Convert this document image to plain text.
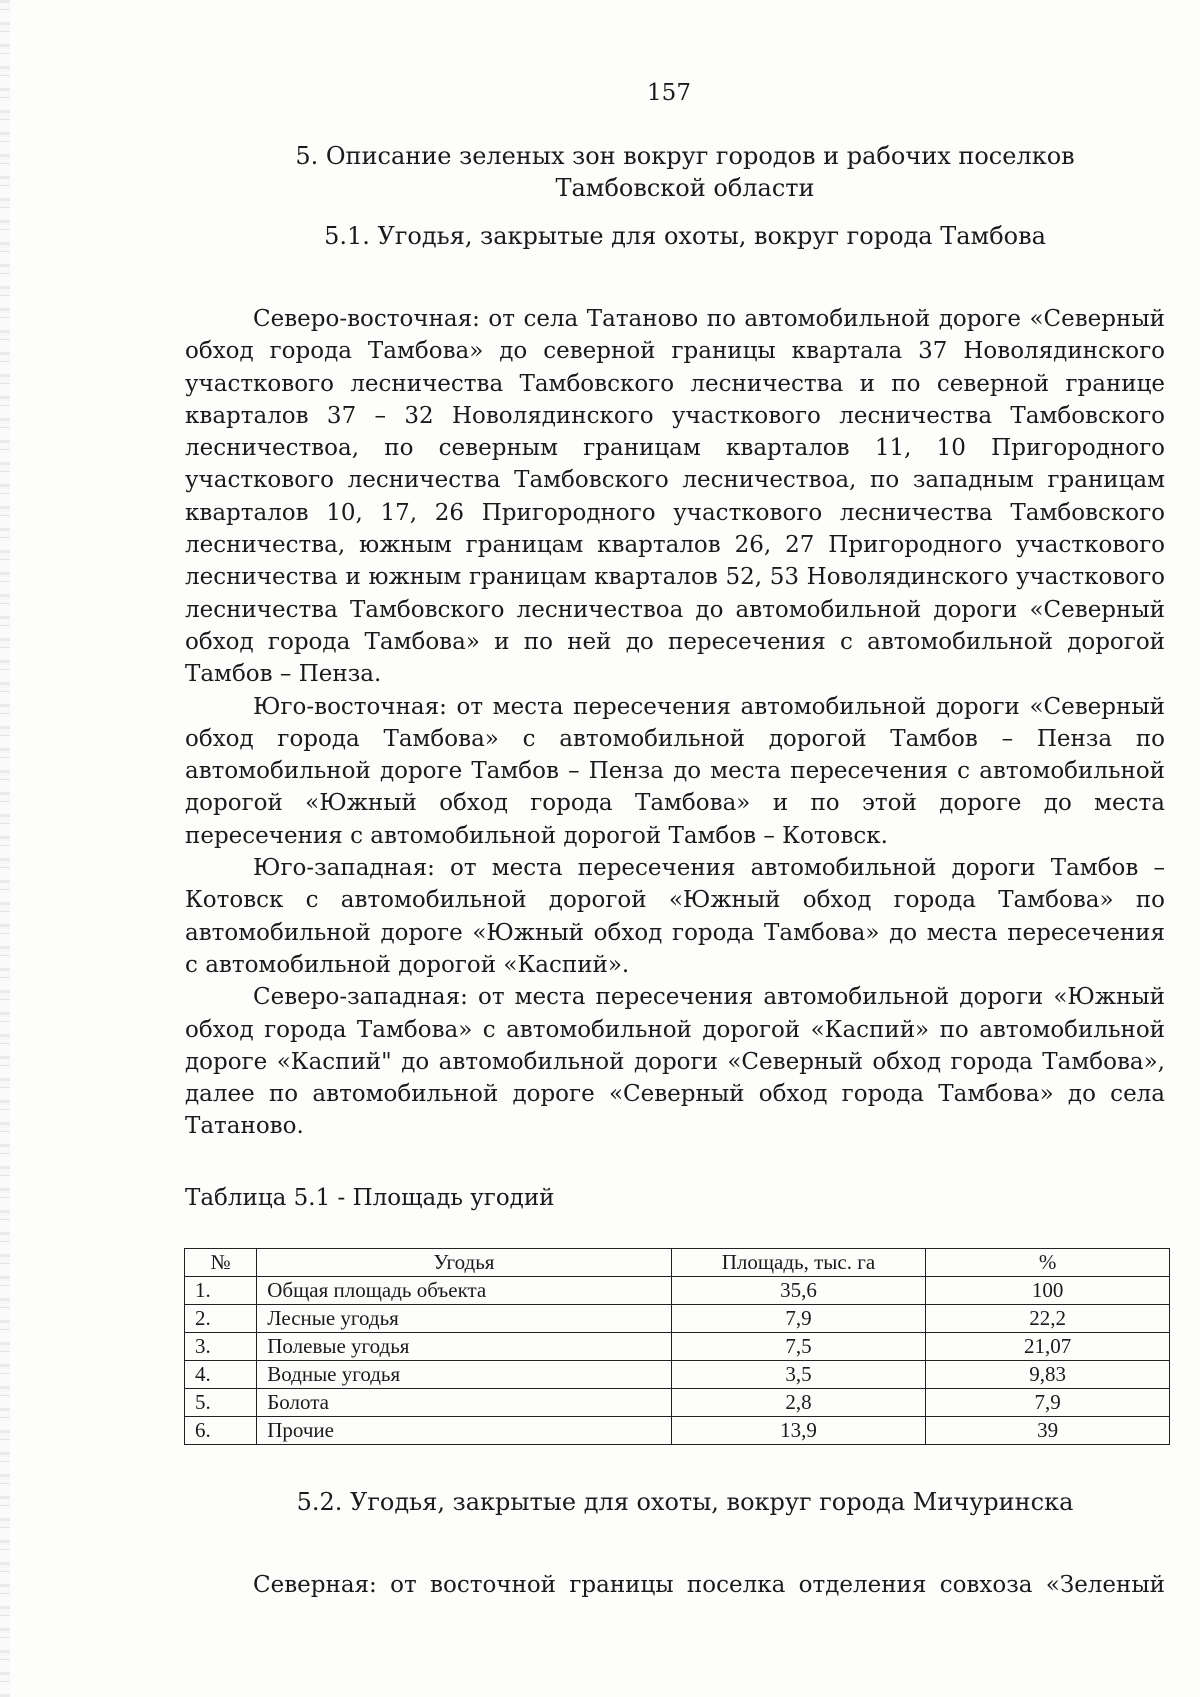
157
5. Описание зеленых зон вокруг городов и рабочих поселков Тамбовской области
5.1. Угодья, закрытые для охоты, вокруг города Тамбова

Северо-восточная: от села Татаново по автомобильной дороге «Северный обход города Тамбова» до северной границы квартала 37 Новолядинского участкового лесничества Тамбовского лесничества и по северной границе кварталов 37 – 32 Новолядинского участкового лесничества Тамбовского лесничествоа, по северным границам кварталов 11, 10 Пригородного участкового лесничества Тамбовского лесничествоа, по западным границам кварталов 10, 17, 26 Пригородного участкового лесничества Тамбовского лесничества, южным границам кварталов 26, 27 Пригородного участкового лесничества и южным границам кварталов 52, 53 Новолядинского участкового лесничества Тамбовского лесничествоа до автомобильной дороги «Северный обход города Тамбова» и по ней до пересечения с автомобильной дорогой Тамбов – Пенза.

Юго-восточная: от места пересечения автомобильной дороги «Северный обход города Тамбова» с автомобильной дорогой Тамбов – Пенза по автомобильной дороге Тамбов – Пенза до места пересечения с автомобильной дорогой «Южный обход города Тамбова» и по этой дороге до места пересечения с автомобильной дорогой Тамбов – Котовск.

Юго-западная: от места пересечения автомобильной дороги Тамбов – Котовск с автомобильной дорогой «Южный обход города Тамбова» по автомобильной дороге «Южный обход города Тамбова» до места пересечения с автомобильной дорогой «Каспий».

Северо-западная: от места пересечения автомобильной дороги «Южный обход города Тамбова» с автомобильной дорогой «Каспий» по автомобильной дороге «Каспий" до автомобильной дороги «Северный обход города Тамбова», далее по автомобильной дороге «Северный обход города Тамбова» до села Татаново.

Таблица 5.1 - Площадь угодий
№	Угодья	Площадь, тыс. га	%
1.	Общая площадь объекта	35,6	100
2.	Лесные угодья	7,9	22,2
3.	Полевые угодья	7,5	21,07
4.	Водные угодья	3,5	9,83
5.	Болота	2,8	7,9
6.	Прочие	13,9	39
5.2. Угодья, закрытые для охоты, вокруг города Мичуринска

Северная: от восточной границы поселка отделения совхоза «Зеленый
